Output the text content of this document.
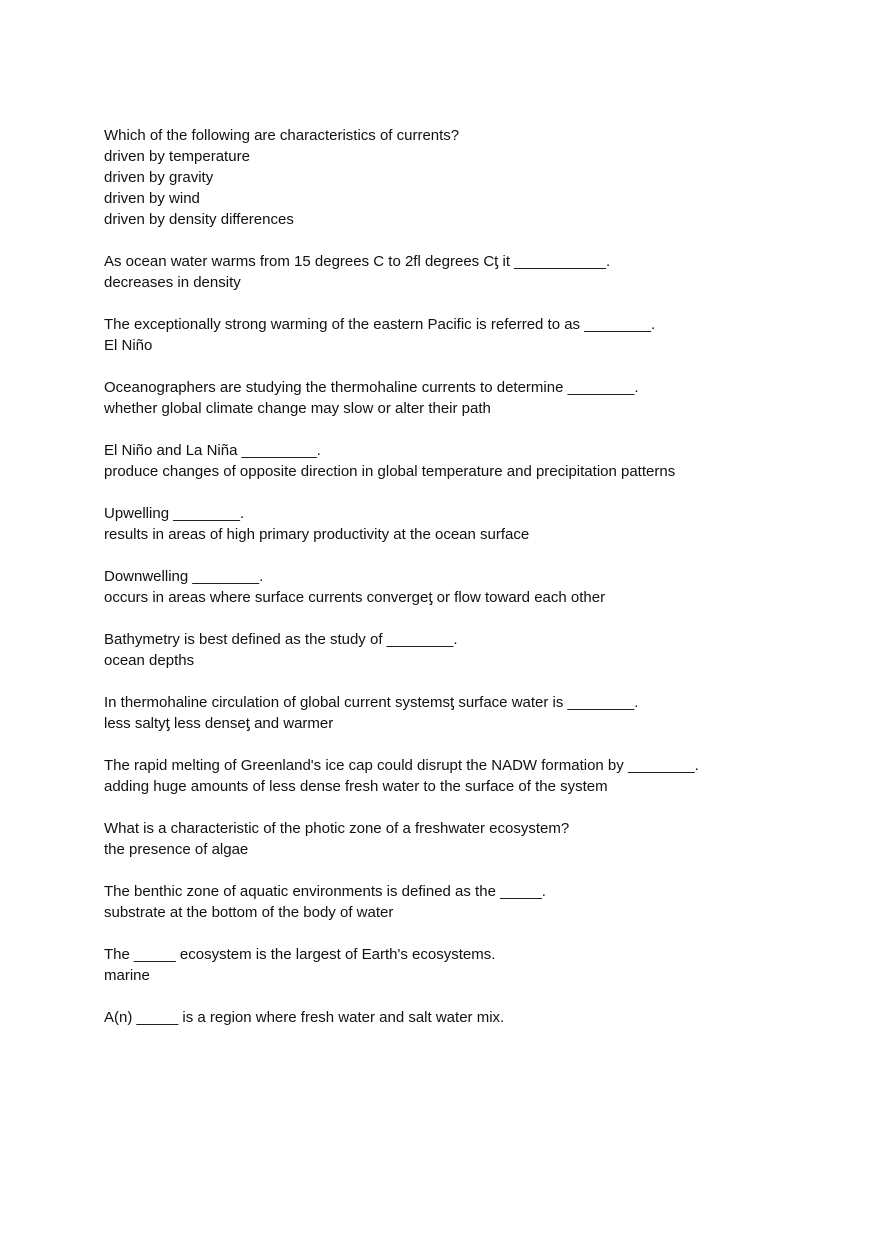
Which of the following are characteristics of currents?
driven by temperature
driven by gravity
driven by wind
driven by density differences
As ocean water warms from 15 degrees C to 2fl degrees Cƫ it ___________.
decreases in density
The exceptionally strong warming of the eastern Pacific is referred to as ________.
El Niño
Oceanographers are studying the thermohaline currents to determine ________.
whether global climate change may slow or alter their path
El Niño and La Niña _________.
produce changes of opposite direction in global temperature and precipitation patterns
Upwelling ________.
results in areas of high primary productivity at the ocean surface
Downwelling ________.
occurs in areas where surface currents convergeƫ or flow toward each other
Bathymetry is best defined as the study of ________.
ocean depths
In thermohaline circulation of global current systemsƫ surface water is ________.
less saltyƫ less denseƫ and warmer
The rapid melting of Greenland's ice cap could disrupt the NADW formation by ________.
adding huge amounts of less dense fresh water to the surface of the system
What is a characteristic of the photic zone of a freshwater ecosystem?
the presence of algae
The benthic zone of aquatic environments is defined as the _____.
substrate at the bottom of the body of water
The _____ ecosystem is the largest of Earth's ecosystems.
marine
A(n) _____ is a region where fresh water and salt water mix.
